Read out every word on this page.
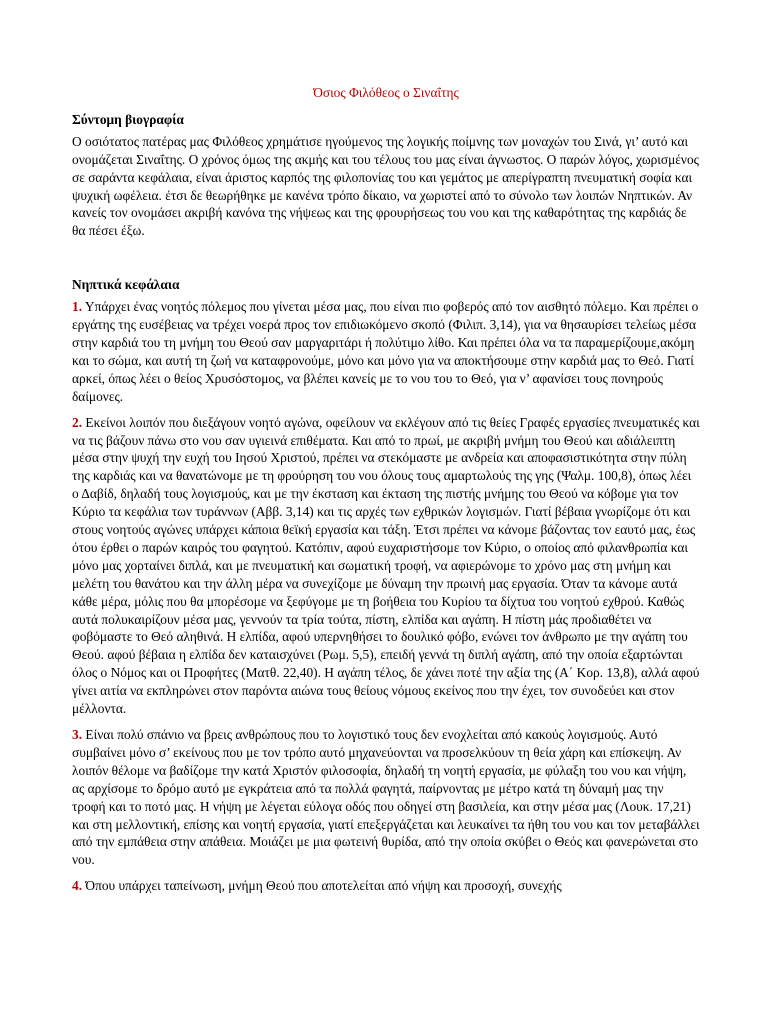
Όσιος Φιλόθεος ο Σιναΐτης
Σύντομη βιογραφία
Ο οσιότατος πατέρας μας Φιλόθεος χρημάτισε ηγούμενος της λογικής ποίμνης των μοναχών του Σινά, γι’ αυτό και ονομάζεται Σιναΐτης. Ο χρόνος όμως της ακμής και του τέλους του μας είναι άγνωστος. Ο παρών λόγος, χωρισμένος σε σαράντα κεφάλαια, είναι άριστος καρπός της φιλοπονίας του και γεμάτος με απερίγραπτη πνευματική σοφία και ψυχική ωφέλεια. έτσι δε θεωρήθηκε με κανένα τρόπο δίκαιο, να χωριστεί από το σύνολο των λοιπών Νηπτικών. Αν κανείς τον ονομάσει ακριβή κανόνα της νήψεως και της φρουρήσεως του νου και της καθαρότητας της καρδιάς δε θα πέσει έξω.
Νηπτικά κεφάλαια
1. Υπάρχει ένας νοητός πόλεμος που γίνεται μέσα μας, που είναι πιο φοβερός από τον αισθητό πόλεμο. Και πρέπει ο εργάτης της ευσέβειας να τρέχει νοερά προς τον επιδιωκόμενο σκοπό (Φιλιπ. 3,14), για να θησαυρίσει τελείως μέσα στην καρδιά του τη μνήμη του Θεού σαν μαργαριτάρι ή πολύτιμο λίθο. Και πρέπει όλα να τα παραμερίζουμε,ακόμη και το σώμα, και αυτή τη ζωή να καταφρονούμε, μόνο και μόνο για να αποκτήσουμε στην καρδιά μας το Θεό. Γιατί αρκεί, όπως λέει ο θείος Χρυσόστομος, να βλέπει κανείς με το νου του το Θεό, για ν’ αφανίσει τους πονηρούς δαίμονες.
2. Εκείνοι λοιπόν που διεξάγουν νοητό αγώνα, οφείλουν να εκλέγουν από τις θείες Γραφές εργασίες πνευματικές και να τις βάζουν πάνω στο νου σαν υγιεινά επιθέματα. Και από το πρωί, με ακριβή μνήμη του Θεού και αδιάλειπτη μέσα στην ψυχή την ευχή του Ιησού Χριστού, πρέπει να στεκόμαστε με ανδρεία και αποφασιστικότητα στην πύλη της καρδιάς και να θανατώνομε με τη φρούρηση του νου όλους τους αμαρτωλούς της γης (Ψαλμ. 100,8), όπως λέει ο Δαβίδ, δηλαδή τους λογισμούς, και με την έκσταση και έκταση της πιστής μνήμης του Θεού να κόβομε για τον Κύριο τα κεφάλια των τυράννων (Αββ. 3,14) και τις αρχές των εχθρικών λογισμών. Γιατί βέβαια γνωρίζομε ότι και στους νοητούς αγώνες υπάρχει κάποια θεϊκή εργασία και τάξη. Έτσι πρέπει να κάνομε βάζοντας τον εαυτό μας, έως ότου έρθει ο παρών καιρός του φαγητού. Κατόπιν, αφού ευχαριστήσομε τον Κύριο, ο οποίος από φιλανθρωπία και μόνο μας χορταίνει διπλά, και με πνευματική και σωματική τροφή, να αφιερώνομε το χρόνο μας στη μνήμη και μελέτη του θανάτου και την άλλη μέρα να συνεχίζομε με δύναμη την πρωινή μας εργασία. Όταν τα κάνομε αυτά κάθε μέρα, μόλις που θα μπορέσομε να ξεφύγομε με τη βοήθεια του Κυρίου τα δίχτυα του νοητού εχθρού. Καθώς αυτά πολυκαιρίζουν μέσα μας, γεννούν τα τρία τούτα, πίστη, ελπίδα και αγάπη. Η πίστη μάς προδιαθέτει να φοβόμαστε το Θεό αληθινά. Η ελπίδα, αφού υπερνηθήσει το δουλικό φόβο, ενώνει τον άνθρωπο με την αγάπη του Θεού. αφού βέβαια η ελπίδα δεν καταισχύνει (Ρωμ. 5,5), επειδή γεννά τη διπλή αγάπη, από την οποία εξαρτώνται όλος ο Νόμος και οι Προφήτες (Ματθ. 22,40). Η αγάπη τέλος, δε χάνει ποτέ την αξία της (Α΄ Κορ. 13,8), αλλά αφού γίνει αιτία να εκπληρώνει στον παρόντα αιώνα τους θείους νόμους εκείνος που την έχει, τον συνοδεύει και στον μέλλοντα.
3. Είναι πολύ σπάνιο να βρεις ανθρώπους που το λογιστικό τους δεν ενοχλείται από κακούς λογισμούς. Αυτό συμβαίνει μόνο σ’ εκείνους που με τον τρόπο αυτό μηχανεύονται να προσελκύουν τη θεία χάρη και επίσκεψη. Αν λοιπόν θέλομε να βαδίζομε την κατά Χριστόν φιλοσοφία, δηλαδή τη νοητή εργασία, με φύλαξη του νου και νήψη, ας αρχίσομε το δρόμο αυτό με εγκράτεια από τα πολλά φαγητά, παίρνοντας με μέτρο κατά τη δύναμή μας την τροφή και το ποτό μας. Η νήψη με λέγεται εύλογα οδός που οδηγεί στη βασιλεία, και στην μέσα μας (Λουκ. 17,21) και στη μελλοντική, επίσης και νοητή εργασία, γιατί επεξεργάζεται και λευκαίνει τα ήθη του νου και τον μεταβάλλει από την εμπάθεια στην απάθεια. Μοιάζει με μια φωτεινή θυρίδα, από την οποία σκύβει ο Θεός και φανερώνεται στο νου.
4. Όπου υπάρχει ταπείνωση, μνήμη Θεού που αποτελείται από νήψη και προσοχή, συνεχής
